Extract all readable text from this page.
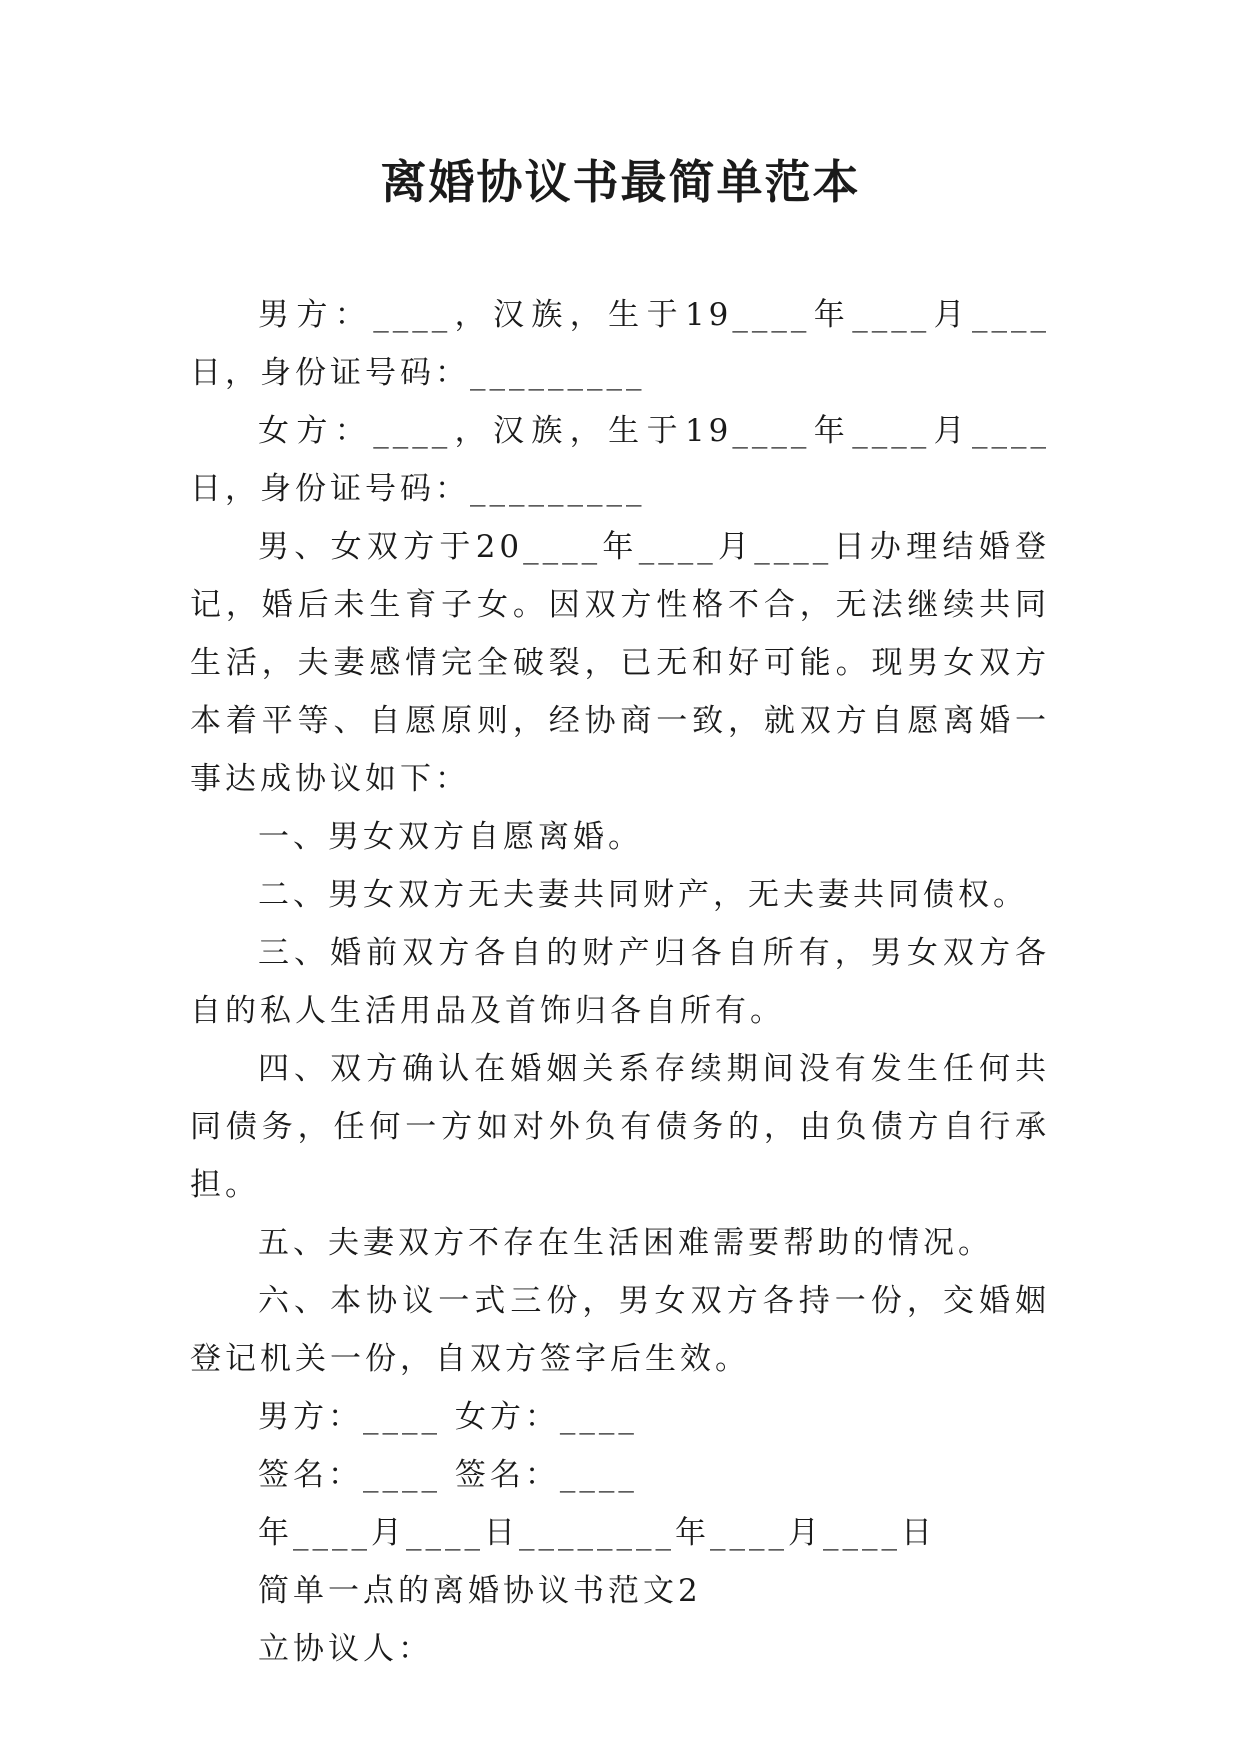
离婚协议书最简单范本

男方：____，汉族，生于19____年____月____日，身份证号码：_________

女方：____，汉族，生于19____年____月____日，身份证号码：_________

男、女双方于20____年____月____日办理结婚登记，婚后未生育子女。因双方性格不合，无法继续共同生活，夫妻感情完全破裂，已无和好可能。现男女双方本着平等、自愿原则，经协商一致，就双方自愿离婚一事达成协议如下：

一、男女双方自愿离婚。

二、男女双方无夫妻共同财产，无夫妻共同债权。

三、婚前双方各自的财产归各自所有，男女双方各自的私人生活用品及首饰归各自所有。

四、双方确认在婚姻关系存续期间没有发生任何共同债务，任何一方如对外负有债务的，由负债方自行承担。

五、夫妻双方不存在生活困难需要帮助的情况。

六、本协议一式三份，男女双方各持一份，交婚姻登记机关一份，自双方签字后生效。

男方：____ 女方：____

签名：____ 签名：____

年____月____日________年____月____日

简单一点的离婚协议书范文2

立协议人：
